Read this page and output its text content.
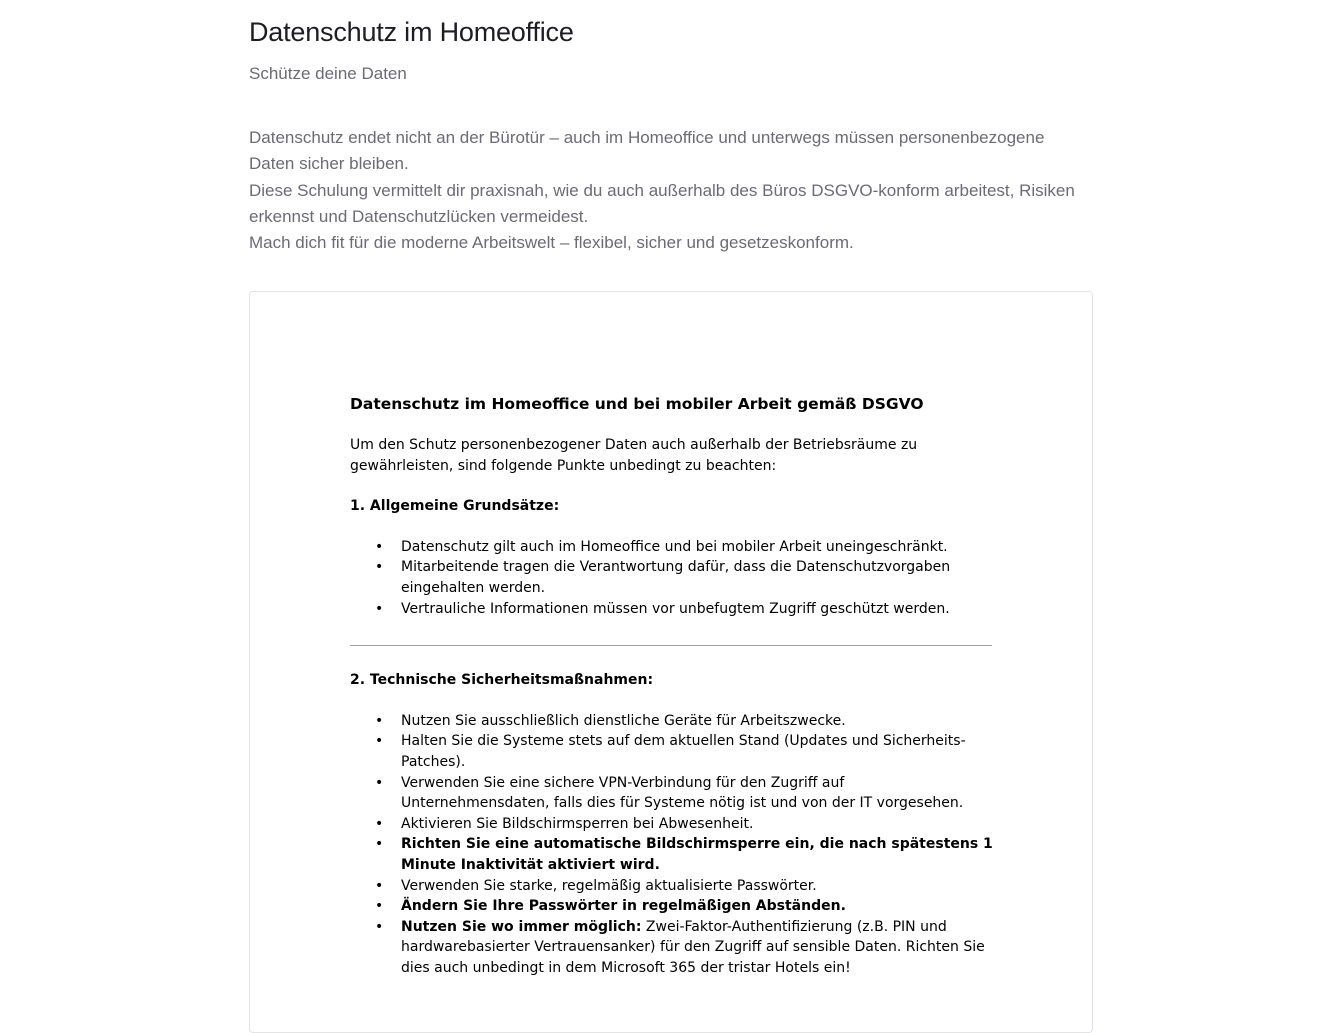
Datenschutz im Homeoffice
Schütze deine Daten

Datenschutz endet nicht an der Bürotür – auch im Homeoffice und unterwegs müssen personenbezogene Daten sicher bleiben.

Diese Schulung vermittelt dir praxisnah, wie du auch außerhalb des Büros DSGVO-konform arbeitest, Risiken erkennst und Datenschutzlücken vermeidest.

Mach dich fit für die moderne Arbeitswelt – flexibel, sicher und gesetzeskonform.

Datenschutz im Homeoffice und bei mobiler Arbeit gemäß DSGVO

Um den Schutz personenbezogener Daten auch außerhalb der Betriebsräume zu gewährleisten, sind folgende Punkte unbedingt zu beachten:

1. Allgemeine Grundsätze:
• Datenschutz gilt auch im Homeoffice und bei mobiler Arbeit uneingeschränkt.
• Mitarbeitende tragen die Verantwortung dafür, dass die Datenschutzvorgaben eingehalten werden.
• Vertrauliche Informationen müssen vor unbefugtem Zugriff geschützt werden.
2. Technische Sicherheitsmaßnahmen:
• Nutzen Sie ausschließlich dienstliche Geräte für Arbeitszwecke.
• Halten Sie die Systeme stets auf dem aktuellen Stand (Updates und Sicherheits-Patches).
• Verwenden Sie eine sichere VPN-Verbindung für den Zugriff auf Unternehmensdaten, falls dies für Systeme nötig ist und von der IT vorgesehen.
• Aktivieren Sie Bildschirmsperren bei Abwesenheit.
• Richten Sie eine automatische Bildschirmsperre ein, die nach spätestens 1 Minute Inaktivität aktiviert wird.
• Verwenden Sie starke, regelmäßig aktualisierte Passwörter.
• Ändern Sie Ihre Passwörter in regelmäßigen Abständen.
• Nutzen Sie wo immer möglich: Zwei-Faktor-Authentifizierung (z.B. PIN und hardwarebasierter Vertrauensanker) für den Zugriff auf sensible Daten. Richten Sie dies auch unbedingt in dem Microsoft 365 der tristar Hotels ein!
